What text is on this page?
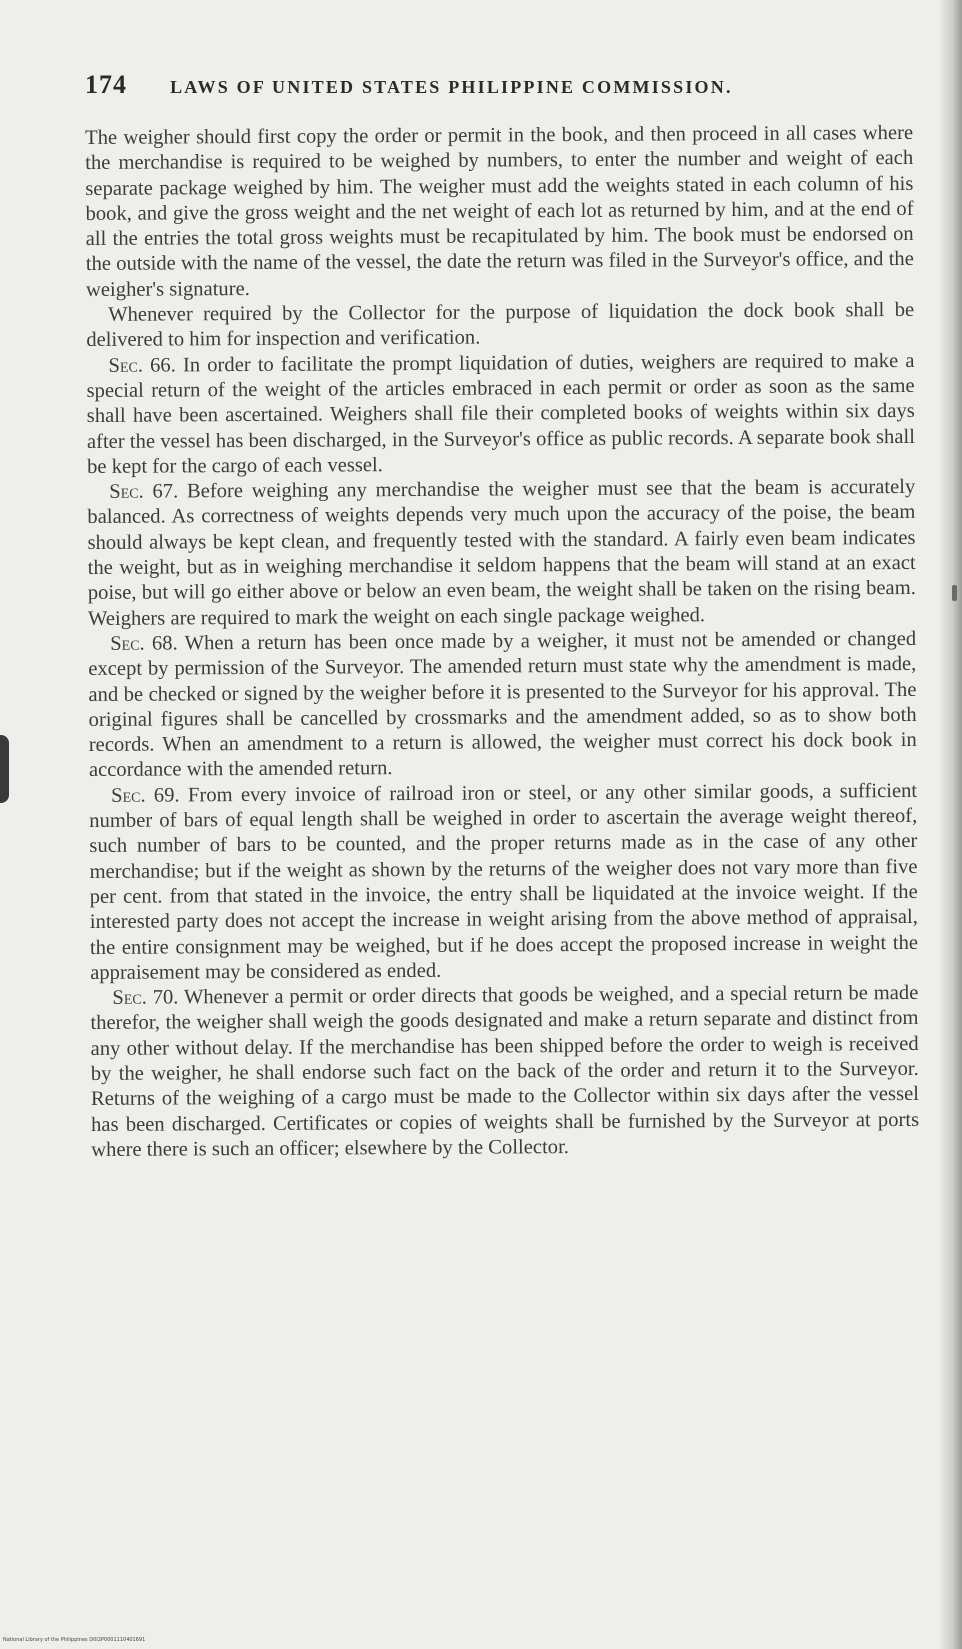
174 LAWS OF UNITED STATES PHILIPPINE COMMISSION.

The weigher should first copy the order or permit in the book, and then proceed in all cases where the merchandise is required to be weighed by numbers, to enter the number and weight of each separate package weighed by him. The weigher must add the weights stated in each column of his book, and give the gross weight and the net weight of each lot as returned by him, and at the end of all the entries the total gross weights must be recapitulated by him. The book must be endorsed on the outside with the name of the vessel, the date the return was filed in the Surveyor's office, and the weigher's signature.

Whenever required by the Collector for the purpose of liquidation the dock book shall be delivered to him for inspection and verification.

Sec. 66. In order to facilitate the prompt liquidation of duties, weighers are required to make a special return of the weight of the articles embraced in each permit or order as soon as the same shall have been ascertained. Weighers shall file their completed books of weights within six days after the vessel has been discharged, in the Surveyor's office as public records. A separate book shall be kept for the cargo of each vessel.

Sec. 67. Before weighing any merchandise the weigher must see that the beam is accurately balanced. As correctness of weights depends very much upon the accuracy of the poise, the beam should always be kept clean, and frequently tested with the standard. A fairly even beam indicates the weight, but as in weighing merchandise it seldom happens that the beam will stand at an exact poise, but will go either above or below an even beam, the weight shall be taken on the rising beam. Weighers are required to mark the weight on each single package weighed.

Sec. 68. When a return has been once made by a weigher, it must not be amended or changed except by permission of the Surveyor. The amended return must state why the amendment is made, and be checked or signed by the weigher before it is presented to the Surveyor for his approval. The original figures shall be cancelled by crossmarks and the amendment added, so as to show both records. When an amendment to a return is allowed, the weigher must correct his dock book in accordance with the amended return.

Sec. 69. From every invoice of railroad iron or steel, or any other similar goods, a sufficient number of bars of equal length shall be weighed in order to ascertain the average weight thereof, such number of bars to be counted, and the proper returns made as in the case of any other merchandise; but if the weight as shown by the returns of the weigher does not vary more than five per cent. from that stated in the invoice, the entry shall be liquidated at the invoice weight. If the interested party does not accept the increase in weight arising from the above method of appraisal, the entire consignment may be weighed, but if he does accept the proposed increase in weight the appraisement may be considered as ended.

Sec. 70. Whenever a permit or order directs that goods be weighed, and a special return be made therefor, the weigher shall weigh the goods designated and make a return separate and distinct from any other without delay. If the merchandise has been shipped before the order to weigh is received by the weigher, he shall endorse such fact on the back of the order and return it to the Surveyor. Returns of the weighing of a cargo must be made to the Collector within six days after the vessel has been discharged. Certificates or copies of weights shall be furnished by the Surveyor at ports where there is such an officer; elsewhere by the Collector.

National Library of the Philippines D0I2P0001110401691
